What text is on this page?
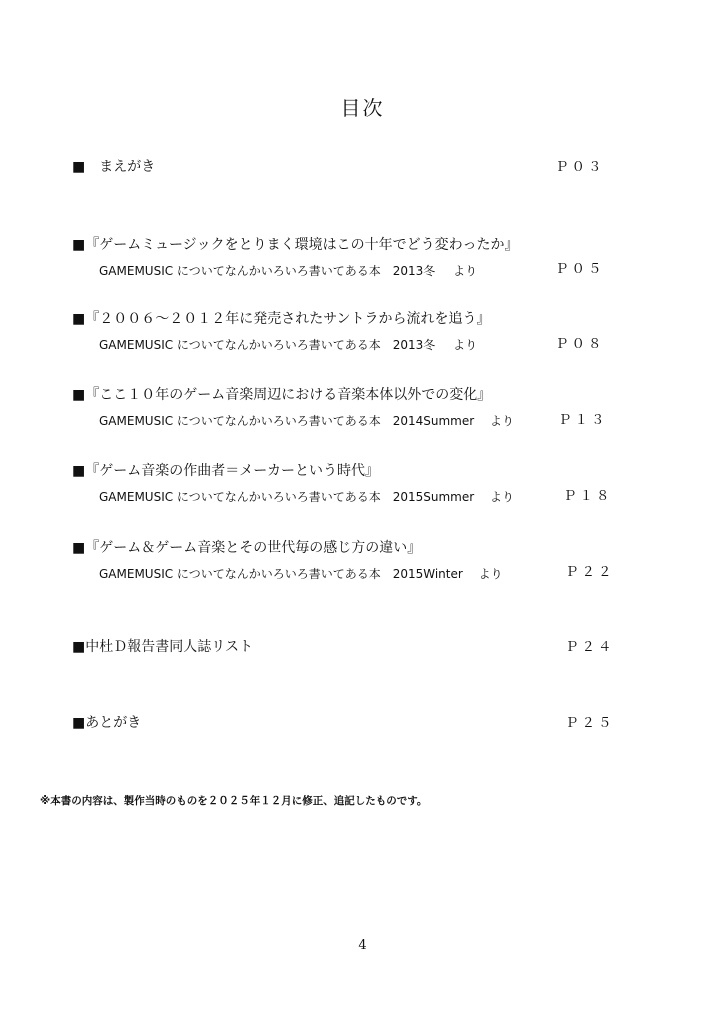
目次
■　まえがき	Ｐ０３
■『ゲームミュージックをとりまく環境はこの十年でどう変わったか』
GAMEMUSIC についてなんかいろいろ書いてある本　2013冬 より	Ｐ０５
■『２００６～２０１２年に発売されたサントラから流れを追う』
GAMEMUSIC についてなんかいろいろ書いてある本　2013冬 より	Ｐ０８
■『ここ１０年のゲーム音楽周辺における音楽本体以外での変化』
GAMEMUSIC についてなんかいろいろ書いてある本　2014Summer より	Ｐ１３
■『ゲーム音楽の作曲者＝メーカーという時代』
GAMEMUSIC についてなんかいろいろ書いてある本　2015Summer より	Ｐ１８
■『ゲーム＆ゲーム音楽とその世代毎の感じ方の違い』
GAMEMUSIC についてなんかいろいろ書いてある本　2015Winter より	Ｐ２２
■中杜Ｄ報告書同人誌リスト	Ｐ２４
■あとがき	Ｐ２５
※本書の内容は、製作当時のものを２０２５年１２月に修正、追記したものです。
4
